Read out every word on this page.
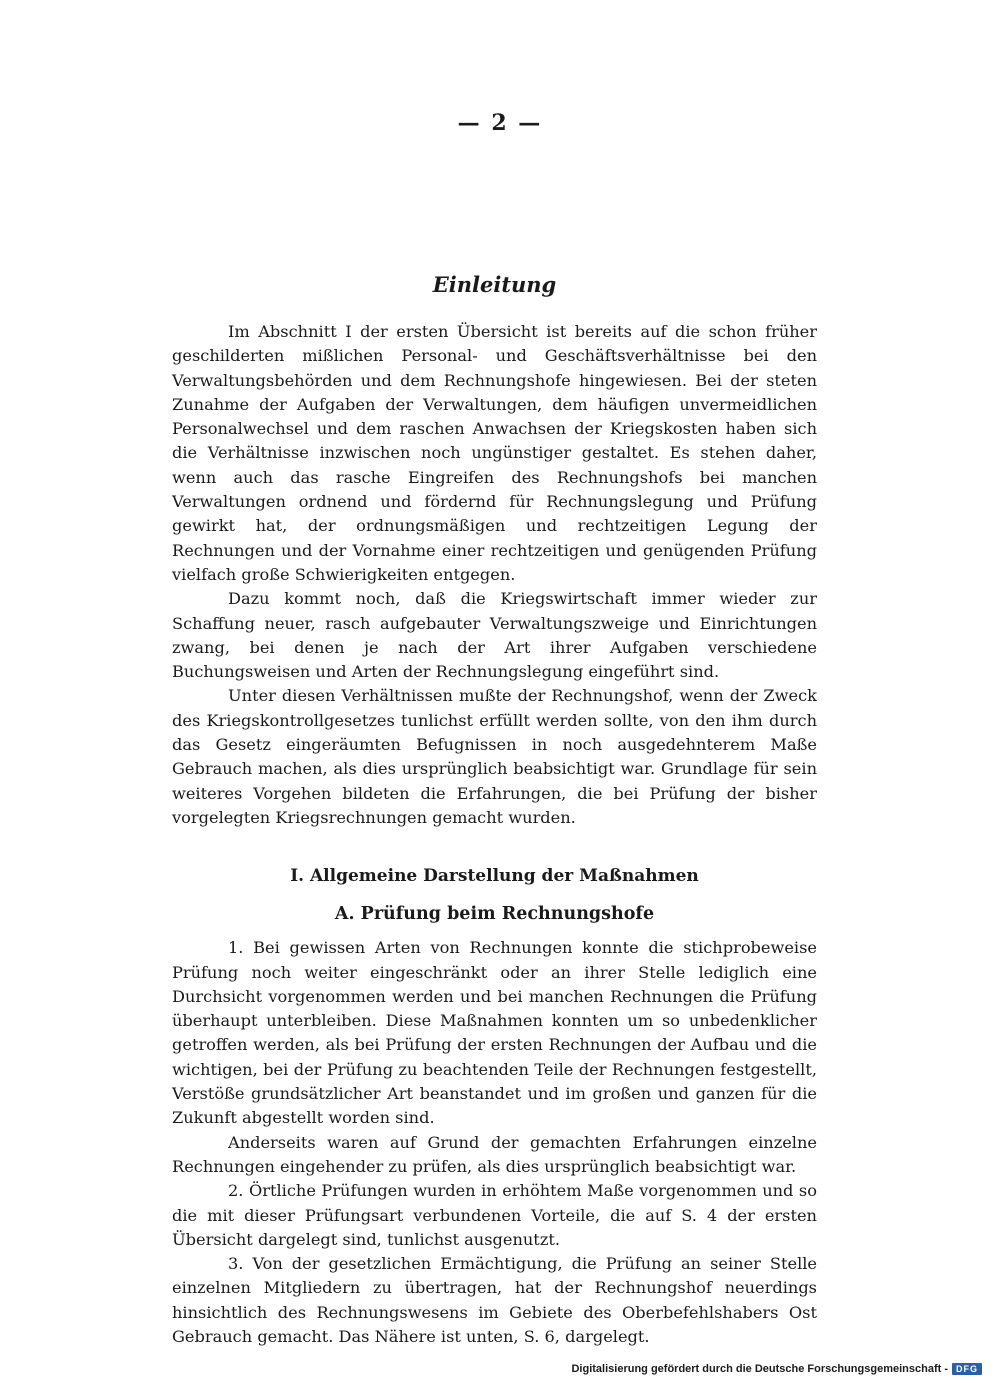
— 2 —
Einleitung

Im Abschnitt I der ersten Übersicht ist bereits auf die schon früher geschilderten mißlichen Personal- und Geschäftsverhältnisse bei den Verwaltungsbehörden und dem Rechnungshofe hingewiesen. Bei der steten Zunahme der Aufgaben der Verwaltungen, dem häufigen unvermeidlichen Personalwechsel und dem raschen Anwachsen der Kriegskosten haben sich die Verhältnisse inzwischen noch ungünstiger gestaltet. Es stehen daher, wenn auch das rasche Eingreifen des Rechnungshofs bei manchen Verwaltungen ordnend und fördernd für Rechnungslegung und Prüfung gewirkt hat, der ordnungsmäßigen und rechtzeitigen Legung der Rechnungen und der Vornahme einer rechtzeitigen und genügenden Prüfung vielfach große Schwierigkeiten entgegen.

Dazu kommt noch, daß die Kriegswirtschaft immer wieder zur Schaffung neuer, rasch aufgebauter Verwaltungszweige und Einrichtungen zwang, bei denen je nach der Art ihrer Aufgaben verschiedene Buchungsweisen und Arten der Rechnungslegung eingeführt sind.

Unter diesen Verhältnissen mußte der Rechnungshof, wenn der Zweck des Kriegskontrollgesetzes tunlichst erfüllt werden sollte, von den ihm durch das Gesetz eingeräumten Befugnissen in noch ausgedehnterem Maße Gebrauch machen, als dies ursprünglich beabsichtigt war. Grundlage für sein weiteres Vorgehen bildeten die Erfahrungen, die bei Prüfung der bisher vorgelegten Kriegsrechnungen gemacht wurden.

I. Allgemeine Darstellung der Maßnahmen
A. Prüfung beim Rechnungshofe

1. Bei gewissen Arten von Rechnungen konnte die stichprobeweise Prüfung noch weiter eingeschränkt oder an ihrer Stelle lediglich eine Durchsicht vorgenommen werden und bei manchen Rechnungen die Prüfung überhaupt unterbleiben. Diese Maßnahmen konnten um so unbedenklicher getroffen werden, als bei Prüfung der ersten Rechnungen der Aufbau und die wichtigen, bei der Prüfung zu beachtenden Teile der Rechnungen festgestellt, Verstöße grundsätzlicher Art beanstandet und im großen und ganzen für die Zukunft abgestellt worden sind.

Anderseits waren auf Grund der gemachten Erfahrungen einzelne Rechnungen eingehender zu prüfen, als dies ursprünglich beabsichtigt war.

2. Örtliche Prüfungen wurden in erhöhtem Maße vorgenommen und so die mit dieser Prüfungsart verbundenen Vorteile, die auf S. 4 der ersten Übersicht dargelegt sind, tunlichst ausgenutzt.

3. Von der gesetzlichen Ermächtigung, die Prüfung an seiner Stelle einzelnen Mitgliedern zu übertragen, hat der Rechnungshof neuerdings hinsichtlich des Rechnungswesens im Gebiete des Oberbefehlshabers Ost Gebrauch gemacht. Das Nähere ist unten, S. 6, dargelegt.

Digitalisierung gefördert durch die Deutsche Forschungsgemeinschaft - DFG
